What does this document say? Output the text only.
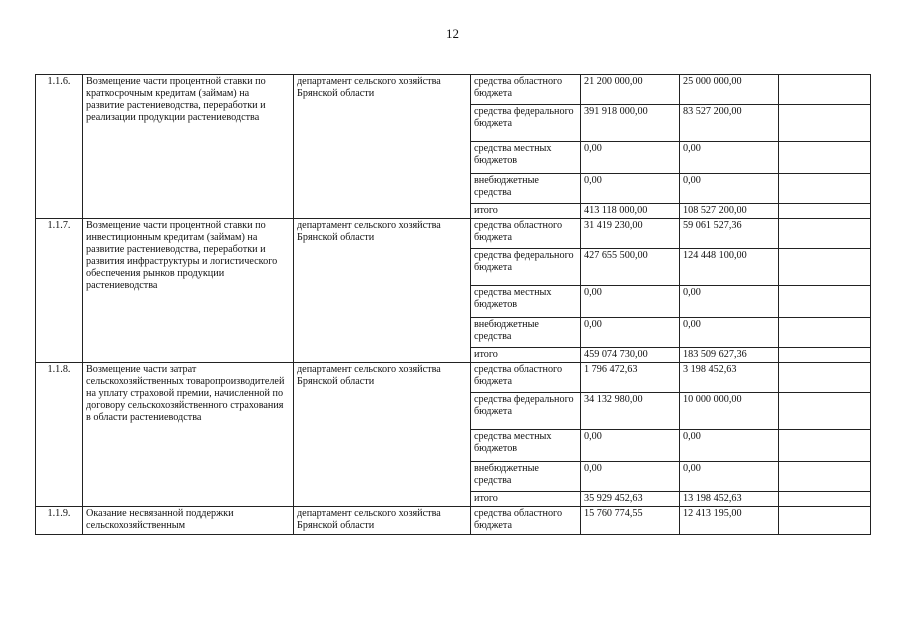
12
1.1.6.	Возмещение части процентной ставки по краткосрочным кредитам (займам) на развитие растениеводства, переработки и реализации продукции растениеводства	департамент сельского хозяйства Брянской области	средства областного бюджета	21 200 000,00	25 000 000,00	
			средства федерального бюджета	391 918 000,00	83 527 200,00	
			средства местных бюджетов	0,00	0,00	
			внебюджетные средства	0,00	0,00	
			итого	413 118 000,00	108 527 200,00	
1.1.7.	Возмещение части процентной ставки по инвестиционным кредитам (займам) на развитие растениеводства, переработки и развития инфраструктуры и логистического обеспечения рынков продукции растениеводства	департамент сельского хозяйства Брянской области	средства областного бюджета	31 419 230,00	59 061 527,36	
			средства федерального бюджета	427 655 500,00	124 448 100,00	
			средства местных бюджетов	0,00	0,00	
			внебюджетные средства	0,00	0,00	
			итого	459 074 730,00	183 509 627,36	
1.1.8.	Возмещение части затрат сельскохозяйственных товаропроизводителей на уплату страховой премии, начисленной по договору сельскохозяйственного страхования в области растениеводства	департамент сельского хозяйства Брянской области	средства областного бюджета	1 796 472,63	3 198 452,63	
			средства федерального бюджета	34 132 980,00	10 000 000,00	
			средства местных бюджетов	0,00	0,00	
			внебюджетные средства	0,00	0,00	
			итого	35 929 452,63	13 198 452,63	
1.1.9.	Оказание несвязанной поддержки сельскохозяйственным	департамент сельского хозяйства Брянской области	средства областного бюджета	15 760 774,55	12 413 195,00	
